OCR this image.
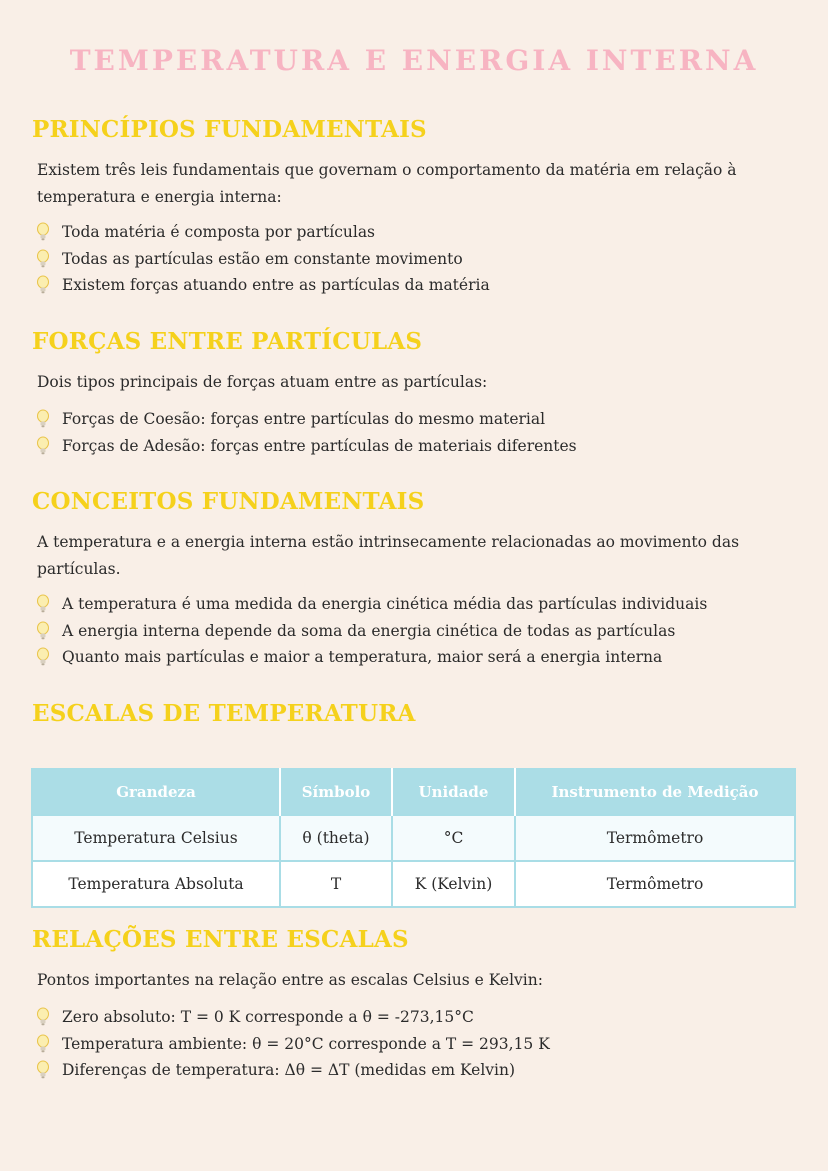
TEMPERATURA E ENERGIA INTERNA
PRINCÍPIOS FUNDAMENTAIS

Existem três leis fundamentais que governam o comportamento da matéria em relação à temperatura e energia interna:

Toda matéria é composta por partículas
Todas as partículas estão em constante movimento
Existem forças atuando entre as partículas da matéria
FORÇAS ENTRE PARTÍCULAS

Dois tipos principais de forças atuam entre as partículas:

Forças de Coesão: forças entre partículas do mesmo material
Forças de Adesão: forças entre partículas de materiais diferentes
CONCEITOS FUNDAMENTAIS

A temperatura e a energia interna estão intrinsecamente relacionadas ao movimento das partículas.

A temperatura é uma medida da energia cinética média das partículas individuais
A energia interna depende da soma da energia cinética de todas as partículas
Quanto mais partículas e maior a temperatura, maior será a energia interna
ESCALAS DE TEMPERATURA
Grandeza	Símbolo	Unidade	Instrumento de Medição
Temperatura Celsius	θ (theta)	°C	Termômetro
Temperatura Absoluta	T	K (Kelvin)	Termômetro
RELAÇÕES ENTRE ESCALAS

Pontos importantes na relação entre as escalas Celsius e Kelvin:

Zero absoluto: T = 0 K corresponde a θ = -273,15°C
Temperatura ambiente: θ = 20°C corresponde a T = 293,15 K
Diferenças de temperatura: Δθ = ΔT (medidas em Kelvin)
